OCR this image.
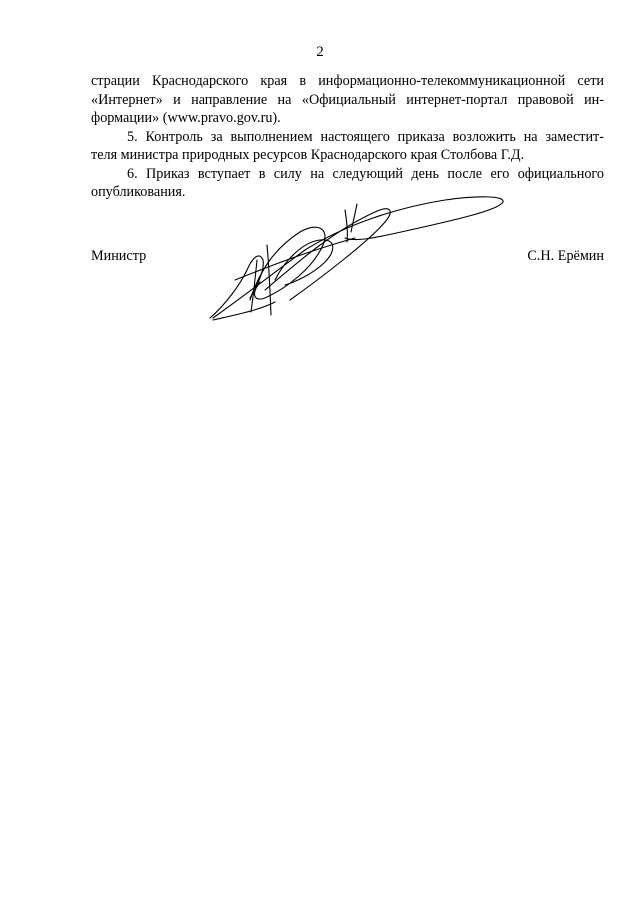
2
страции Краснодарского края в информационно-телекоммуникационной сети
«Интернет» и направление на «Официальный интернет-портал правовой ин-
формации» (www.pravo.gov.ru).
5. Контроль за выполнением настоящего приказа возложить на заместит-
теля министра природных ресурсов Краснодарского края Столбова Г.Д.
6. Приказ вступает в силу на следующий день после его официального
опубликования.
Министр	С.Н. Ерёмин
